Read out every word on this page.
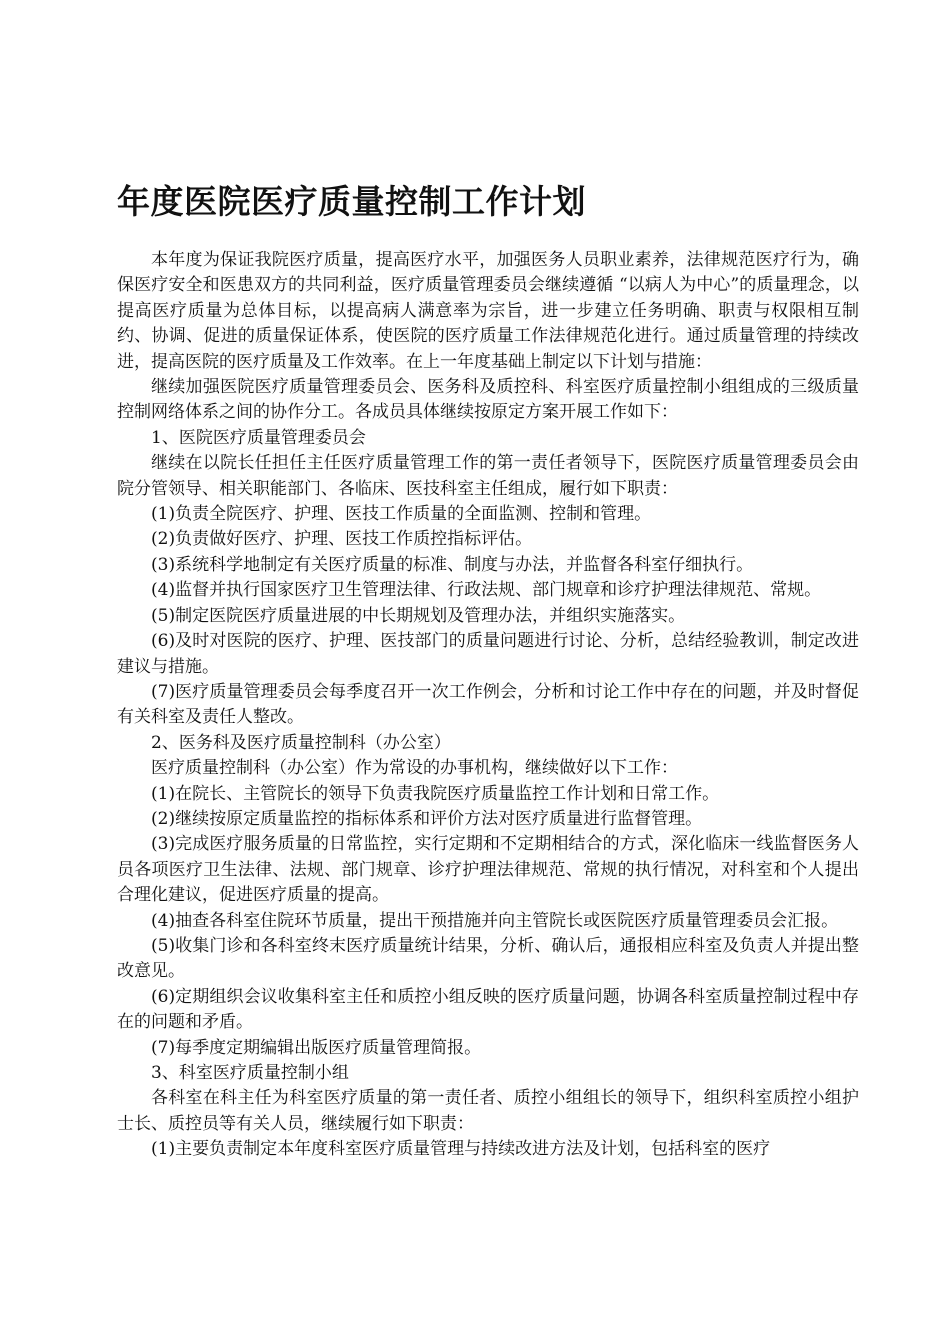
年度医院医疗质量控制工作计划

本年度为保证我院医疗质量，提高医疗水平，加强医务人员职业素养，法律规范医疗行为，确保医疗安全和医患双方的共同利益，医疗质量管理委员会继续遵循 “以病人为中心”的质量理念，以提高医疗质量为总体目标，以提高病人满意率为宗旨，进一步建立任务明确、职责与权限相互制约、协调、促进的质量保证体系，使医院的医疗质量工作法律规范化进行。通过质量管理的持续改进，提高医院的医疗质量及工作效率。在上一年度基础上制定以下计划与措施：

继续加强医院医疗质量管理委员会、医务科及质控科、科室医疗质量控制小组组成的三级质量控制网络体系之间的协作分工。各成员具体继续按原定方案开展工作如下：

1、医院医疗质量管理委员会

继续在以院长任担任主任医疗质量管理工作的第一责任者领导下，医院医疗质量管理委员会由院分管领导、相关职能部门、各临床、医技科室主任组成，履行如下职责：

(1)负责全院医疗、护理、医技工作质量的全面监测、控制和管理。

(2)负责做好医疗、护理、医技工作质控指标评估。

(3)系统科学地制定有关医疗质量的标准、制度与办法，并监督各科室仔细执行。

(4)监督并执行国家医疗卫生管理法律、行政法规、部门规章和诊疗护理法律规范、常规。

(5)制定医院医疗质量进展的中长期规划及管理办法，并组织实施落实。

(6)及时对医院的医疗、护理、医技部门的质量问题进行讨论、分析，总结经验教训，制定改进建议与措施。

(7)医疗质量管理委员会每季度召开一次工作例会，分析和讨论工作中存在的问题，并及时督促有关科室及责任人整改。

2、医务科及医疗质量控制科（办公室）

医疗质量控制科（办公室）作为常设的办事机构，继续做好以下工作：

(1)在院长、主管院长的领导下负责我院医疗质量监控工作计划和日常工作。

(2)继续按原定质量监控的指标体系和评价方法对医疗质量进行监督管理。

(3)完成医疗服务质量的日常监控，实行定期和不定期相结合的方式，深化临床一线监督医务人员各项医疗卫生法律、法规、部门规章、诊疗护理法律规范、常规的执行情况，对科室和个人提出合理化建议，促进医疗质量的提高。

(4)抽查各科室住院环节质量，提出干预措施并向主管院长或医院医疗质量管理委员会汇报。

(5)收集门诊和各科室终末医疗质量统计结果，分析、确认后，通报相应科室及负责人并提出整改意见。

(6)定期组织会议收集科室主任和质控小组反映的医疗质量问题，协调各科室质量控制过程中存在的问题和矛盾。

(7)每季度定期编辑出版医疗质量管理简报。

3、科室医疗质量控制小组

各科室在科主任为科室医疗质量的第一责任者、质控小组组长的领导下，组织科室质控小组护士长、质控员等有关人员，继续履行如下职责：

(1)主要负责制定本年度科室医疗质量管理与持续改进方法及计划，包括科室的医疗
